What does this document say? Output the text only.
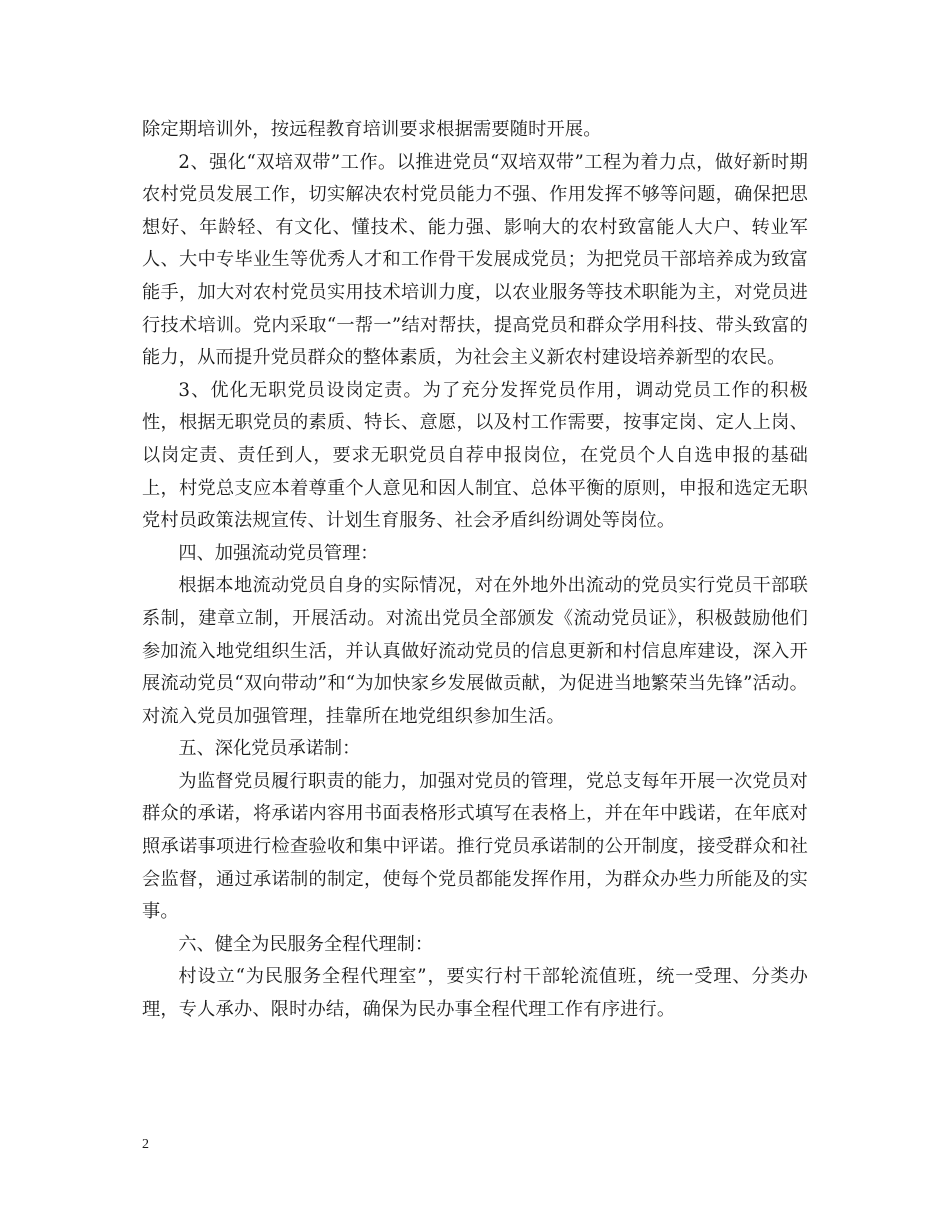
除定期培训外，按远程教育培训要求根据需要随时开展。

2、强化“双培双带”工作。以推进党员“双培双带”工程为着力点，做好新时期农村党员发展工作，切实解决农村党员能力不强、作用发挥不够等问题，确保把思想好、年龄轻、有文化、懂技术、能力强、影响大的农村致富能人大户、转业军人、大中专毕业生等优秀人才和工作骨干发展成党员；为把党员干部培养成为致富能手，加大对农村党员实用技术培训力度，以农业服务等技术职能为主，对党员进行技术培训。党内采取“一帮一”结对帮扶，提高党员和群众学用科技、带头致富的能力，从而提升党员群众的整体素质，为社会主义新农村建设培养新型的农民。

3、优化无职党员设岗定责。为了充分发挥党员作用，调动党员工作的积极性，根据无职党员的素质、特长、意愿，以及村工作需要，按事定岗、定人上岗、以岗定责、责任到人，要求无职党员自荐申报岗位，在党员个人自选申报的基础上，村党总支应本着尊重个人意见和因人制宜、总体平衡的原则，申报和选定无职党村员政策法规宣传、计划生育服务、社会矛盾纠纷调处等岗位。

四、加强流动党员管理：

根据本地流动党员自身的实际情况，对在外地外出流动的党员实行党员干部联系制，建章立制，开展活动。对流出党员全部颁发《流动党员证》，积极鼓励他们参加流入地党组织生活，并认真做好流动党员的信息更新和村信息库建设，深入开展流动党员“双向带动”和“为加快家乡发展做贡献，为促进当地繁荣当先锋”活动。对流入党员加强管理，挂靠所在地党组织参加生活。

五、深化党员承诺制：

为监督党员履行职责的能力，加强对党员的管理，党总支每年开展一次党员对群众的承诺，将承诺内容用书面表格形式填写在表格上，并在年中践诺，在年底对照承诺事项进行检查验收和集中评诺。推行党员承诺制的公开制度，接受群众和社会监督，通过承诺制的制定，使每个党员都能发挥作用，为群众办些力所能及的实事。

六、健全为民服务全程代理制：

村设立“为民服务全程代理室”，要实行村干部轮流值班，统一受理、分类办理，专人承办、限时办结，确保为民办事全程代理工作有序进行。

2
